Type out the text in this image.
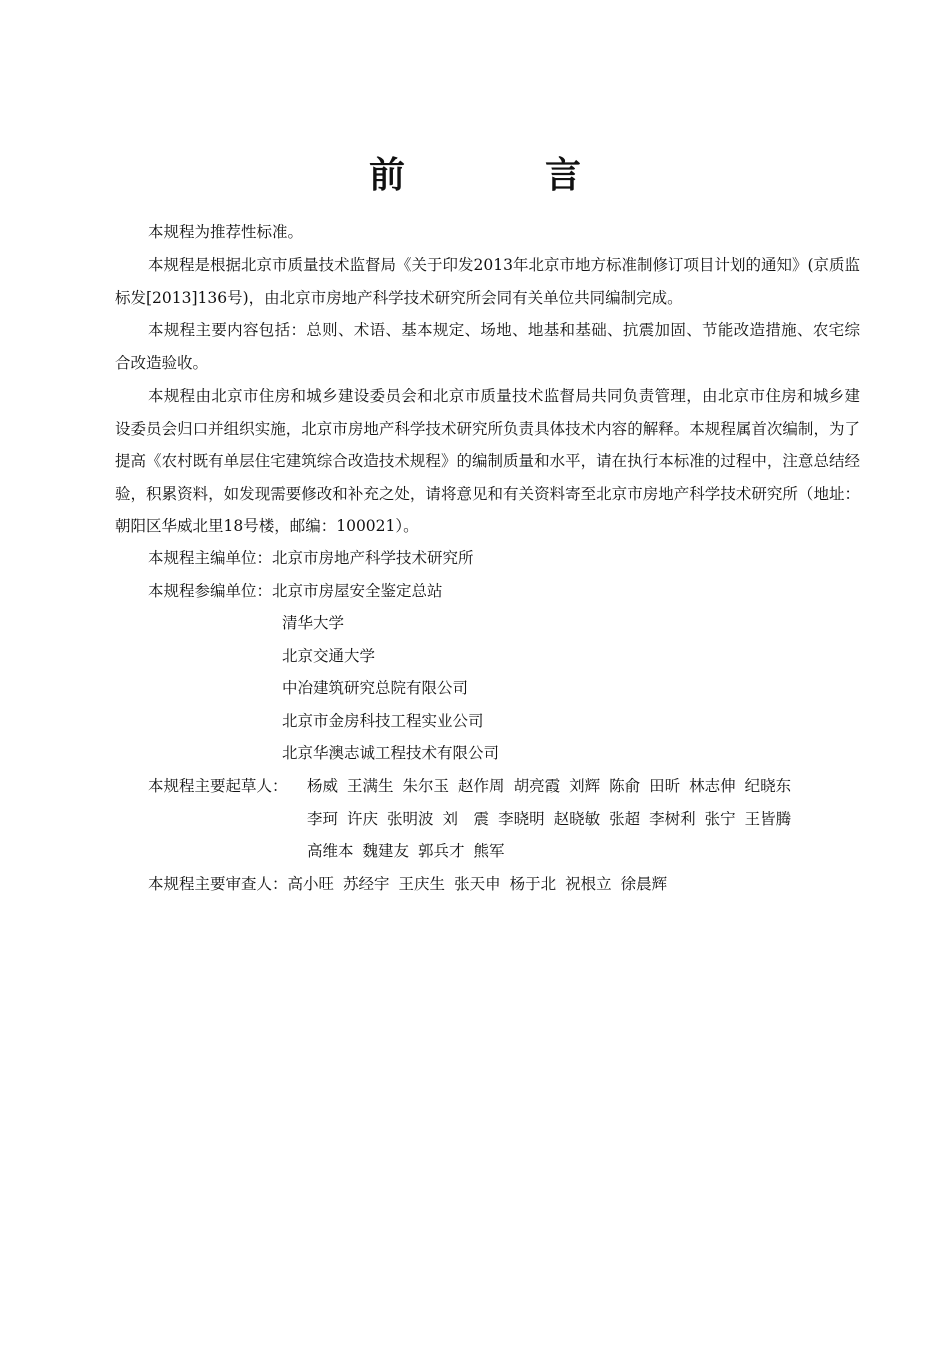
前　言
本规程为推荐性标准。
本规程是根据北京市质量技术监督局《关于印发2013年北京市地方标准制修订项目计划的通知》(京质监标发[2013]136号)，由北京市房地产科学技术研究所会同有关单位共同编制完成。
本规程主要内容包括：总则、术语、基本规定、场地、地基和基础、抗震加固、节能改造措施、农宅综合改造验收。
本规程由北京市住房和城乡建设委员会和北京市质量技术监督局共同负责管理，由北京市住房和城乡建设委员会归口并组织实施，北京市房地产科学技术研究所负责具体技术内容的解释。本规程属首次编制，为了提高《农村既有单层住宅建筑综合改造技术规程》的编制质量和水平，请在执行本标准的过程中，注意总结经验，积累资料，如发现需要修改和补充之处，请将意见和有关资料寄至北京市房地产科学技术研究所（地址：朝阳区华威北里18号楼，邮编：100021）。
本规程主编单位：北京市房地产科学技术研究所
本规程参编单位：北京市房屋安全鉴定总站
清华大学
北京交通大学
中冶建筑研究总院有限公司
北京市金房科技工程实业公司
北京华澳志诚工程技术有限公司
本规程主要起草人： 杨威 王满生 朱尔玉 赵作周 胡亮霞 刘辉 陈俞 田昕 林志伸 纪晓东
李珂 许庆 张明波 刘　震 李晓明 赵晓敏 张超 李树利 张宁 王皆腾
高维本 魏建友 郭兵才 熊军
本规程主要审查人：高小旺 苏经宇 王庆生 张天申 杨于北 祝根立 徐晨辉
